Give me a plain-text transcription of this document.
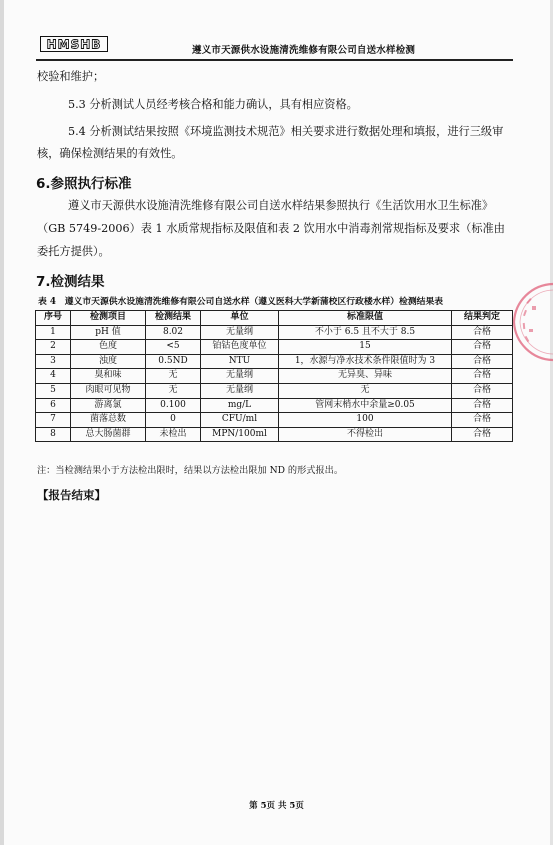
HMSHB	遵义市天源供水设施清洗维修有限公司自送水样检测
校验和维护；
5.3 分析测试人员经考核合格和能力确认，具有相应资格。
5.4 分析测试结果按照《环境监测技术规范》相关要求进行数据处理和填报，进行三级审
核，确保检测结果的有效性。
6.参照执行标准
遵义市天源供水设施清洗维修有限公司自送水样结果参照执行《生活饮用水卫生标准》
（GB 5749-2006）表 1 水质常规指标及限值和表 2 饮用水中消毒剂常规指标及要求（标准由
委托方提供）。
7.检测结果
表 4　遵义市天源供水设施清洗维修有限公司自送水样（遵义医科大学新蒲校区行政楼水样）检测结果表
序号	检测项目	检测结果	单位	标准限值	结果判定
1	pH 值	8.02	无量纲	不小于 6.5 且不大于 8.5	合格
2	色度	<5	铂钴色度单位	15	合格
3	浊度	0.5ND	NTU	1，水源与净水技术条件限值时为 3	合格
4	臭和味	无	无量纲	无异臭、异味	合格
5	肉眼可见物	无	无量纲	无	合格
6	游离氯	0.100	mg/L	管网末梢水中余量≥0.05	合格
7	菌落总数	0	CFU/ml	100	合格
8	总大肠菌群	未检出	MPN/100ml	不得检出	合格
注：当检测结果小于方法检出限时，结果以方法检出限加 ND 的形式报出。
【报告结束】
第 5页 共 5页
